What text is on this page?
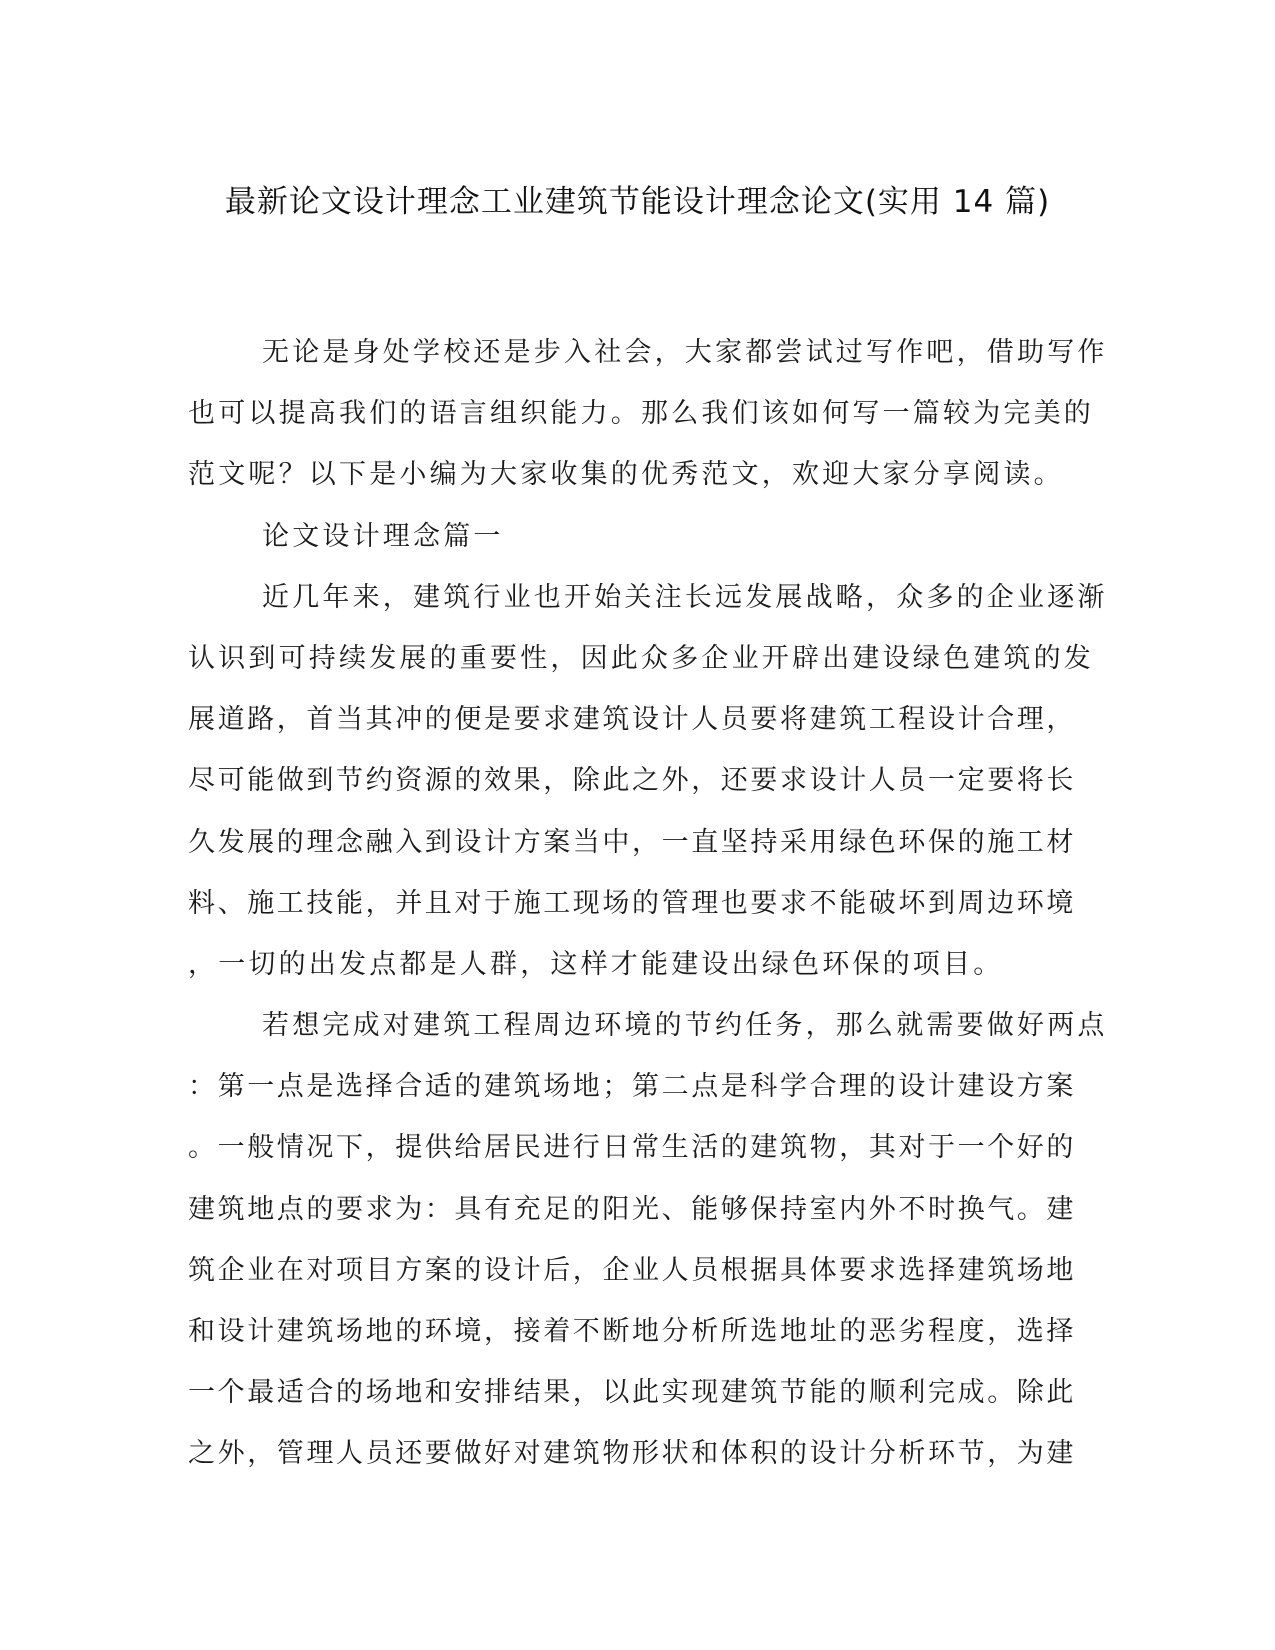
最新论文设计理念工业建筑节能设计理念论文(实用 14 篇)
无论是身处学校还是步入社会，大家都尝试过写作吧，借助写作
也可以提高我们的语言组织能力。那么我们该如何写一篇较为完美的
范文呢？以下是小编为大家收集的优秀范文，欢迎大家分享阅读。
论文设计理念篇一
近几年来，建筑行业也开始关注长远发展战略，众多的企业逐渐
认识到可持续发展的重要性，因此众多企业开辟出建设绿色建筑的发
展道路，首当其冲的便是要求建筑设计人员要将建筑工程设计合理，
尽可能做到节约资源的效果，除此之外，还要求设计人员一定要将长
久发展的理念融入到设计方案当中，一直坚持采用绿色环保的施工材
料、施工技能，并且对于施工现场的管理也要求不能破坏到周边环境
，一切的出发点都是人群，这样才能建设出绿色环保的项目。
若想完成对建筑工程周边环境的节约任务，那么就需要做好两点
：第一点是选择合适的建筑场地；第二点是科学合理的设计建设方案
。一般情况下，提供给居民进行日常生活的建筑物，其对于一个好的
建筑地点的要求为：具有充足的阳光、能够保持室内外不时换气。建
筑企业在对项目方案的设计后，企业人员根据具体要求选择建筑场地
和设计建筑场地的环境，接着不断地分析所选地址的恶劣程度，选择
一个最适合的场地和安排结果，以此实现建筑节能的顺利完成。除此
之外，管理人员还要做好对建筑物形状和体积的设计分析环节，为建
